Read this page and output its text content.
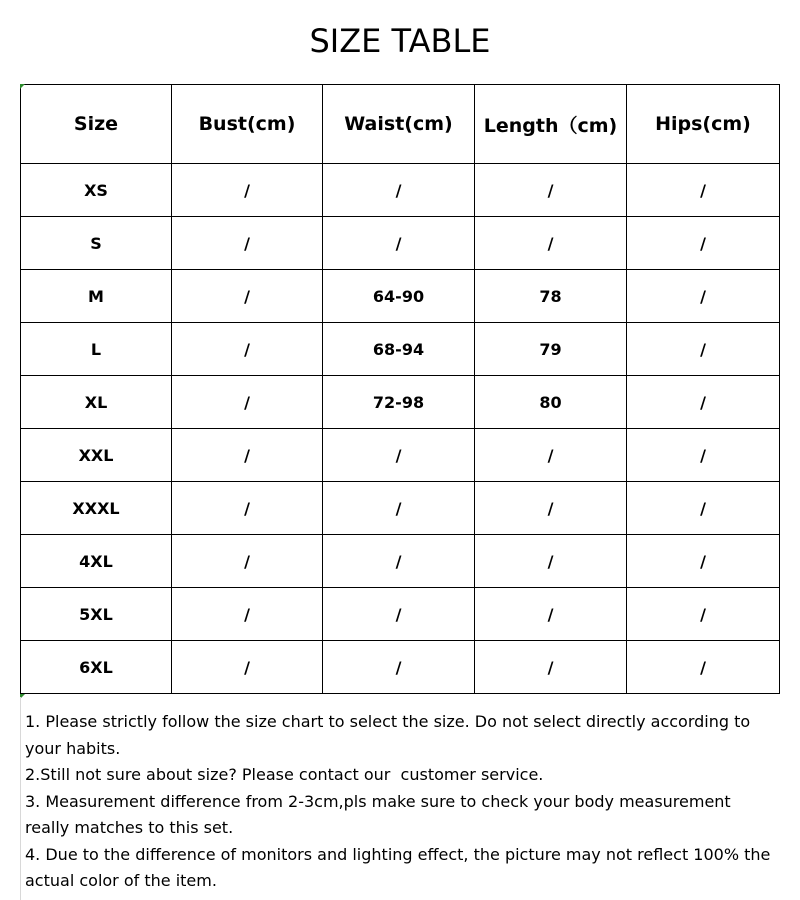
SIZE TABLE
Size	Bust(cm)	Waist(cm)	Length（cm)	Hips(cm)
XS	/	/	/	/
S	/	/	/	/
M	/	64-90	78	/
L	/	68-94	79	/
XL	/	72-98	80	/
XXL	/	/	/	/
XXXL	/	/	/	/
4XL	/	/	/	/
5XL	/	/	/	/
6XL	/	/	/	/

1. Please strictly follow the size chart to select the size. Do not select directly according to your habits.

2.Still not sure about size? Please contact our  customer service.

3. Measurement difference from 2-3cm,pls make sure to check your body measurement really matches to this set.

4. Due to the difference of monitors and lighting effect, the picture may not reflect 100% the actual color of the item.
